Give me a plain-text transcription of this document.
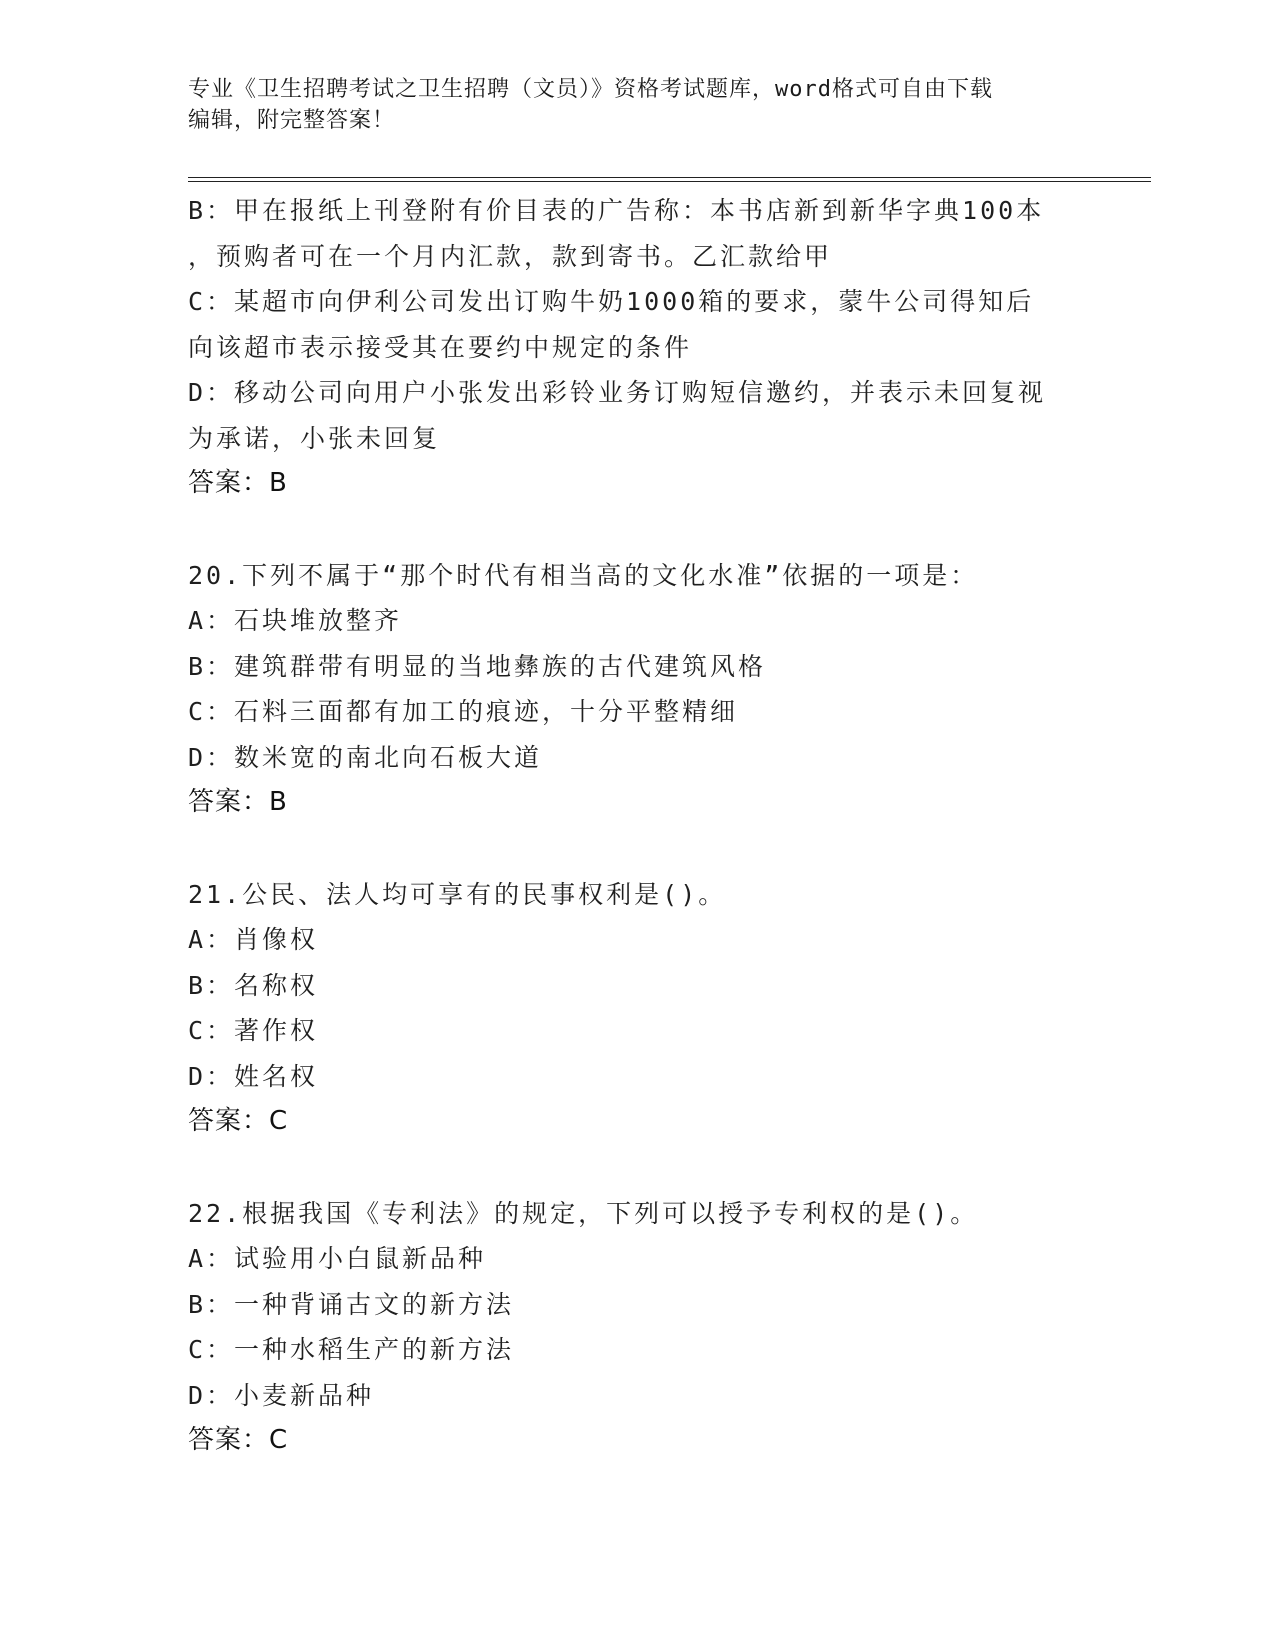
专业《卫生招聘考试之卫生招聘（文员）》资格考试题库，word格式可自由下载
编辑，附完整答案！
B：甲在报纸上刊登附有价目表的广告称：本书店新到新华字典100本
，预购者可在一个月内汇款，款到寄书。乙汇款给甲
C：某超市向伊利公司发出订购牛奶1000箱的要求，蒙牛公司得知后
向该超市表示接受其在要约中规定的条件
D：移动公司向用户小张发出彩铃业务订购短信邀约，并表示未回复视
为承诺，小张未回复
答案：B
20.下列不属于“那个时代有相当高的文化水准”依据的一项是：
A：石块堆放整齐
B：建筑群带有明显的当地彝族的古代建筑风格
C：石料三面都有加工的痕迹，十分平整精细
D：数米宽的南北向石板大道
答案：B
21.公民、法人均可享有的民事权利是()。
A：肖像权
B：名称权
C：著作权
D：姓名权
答案：C
22.根据我国《专利法》的规定，下列可以授予专利权的是()。
A：试验用小白鼠新品种
B：一种背诵古文的新方法
C：一种水稻生产的新方法
D：小麦新品种
答案：C
